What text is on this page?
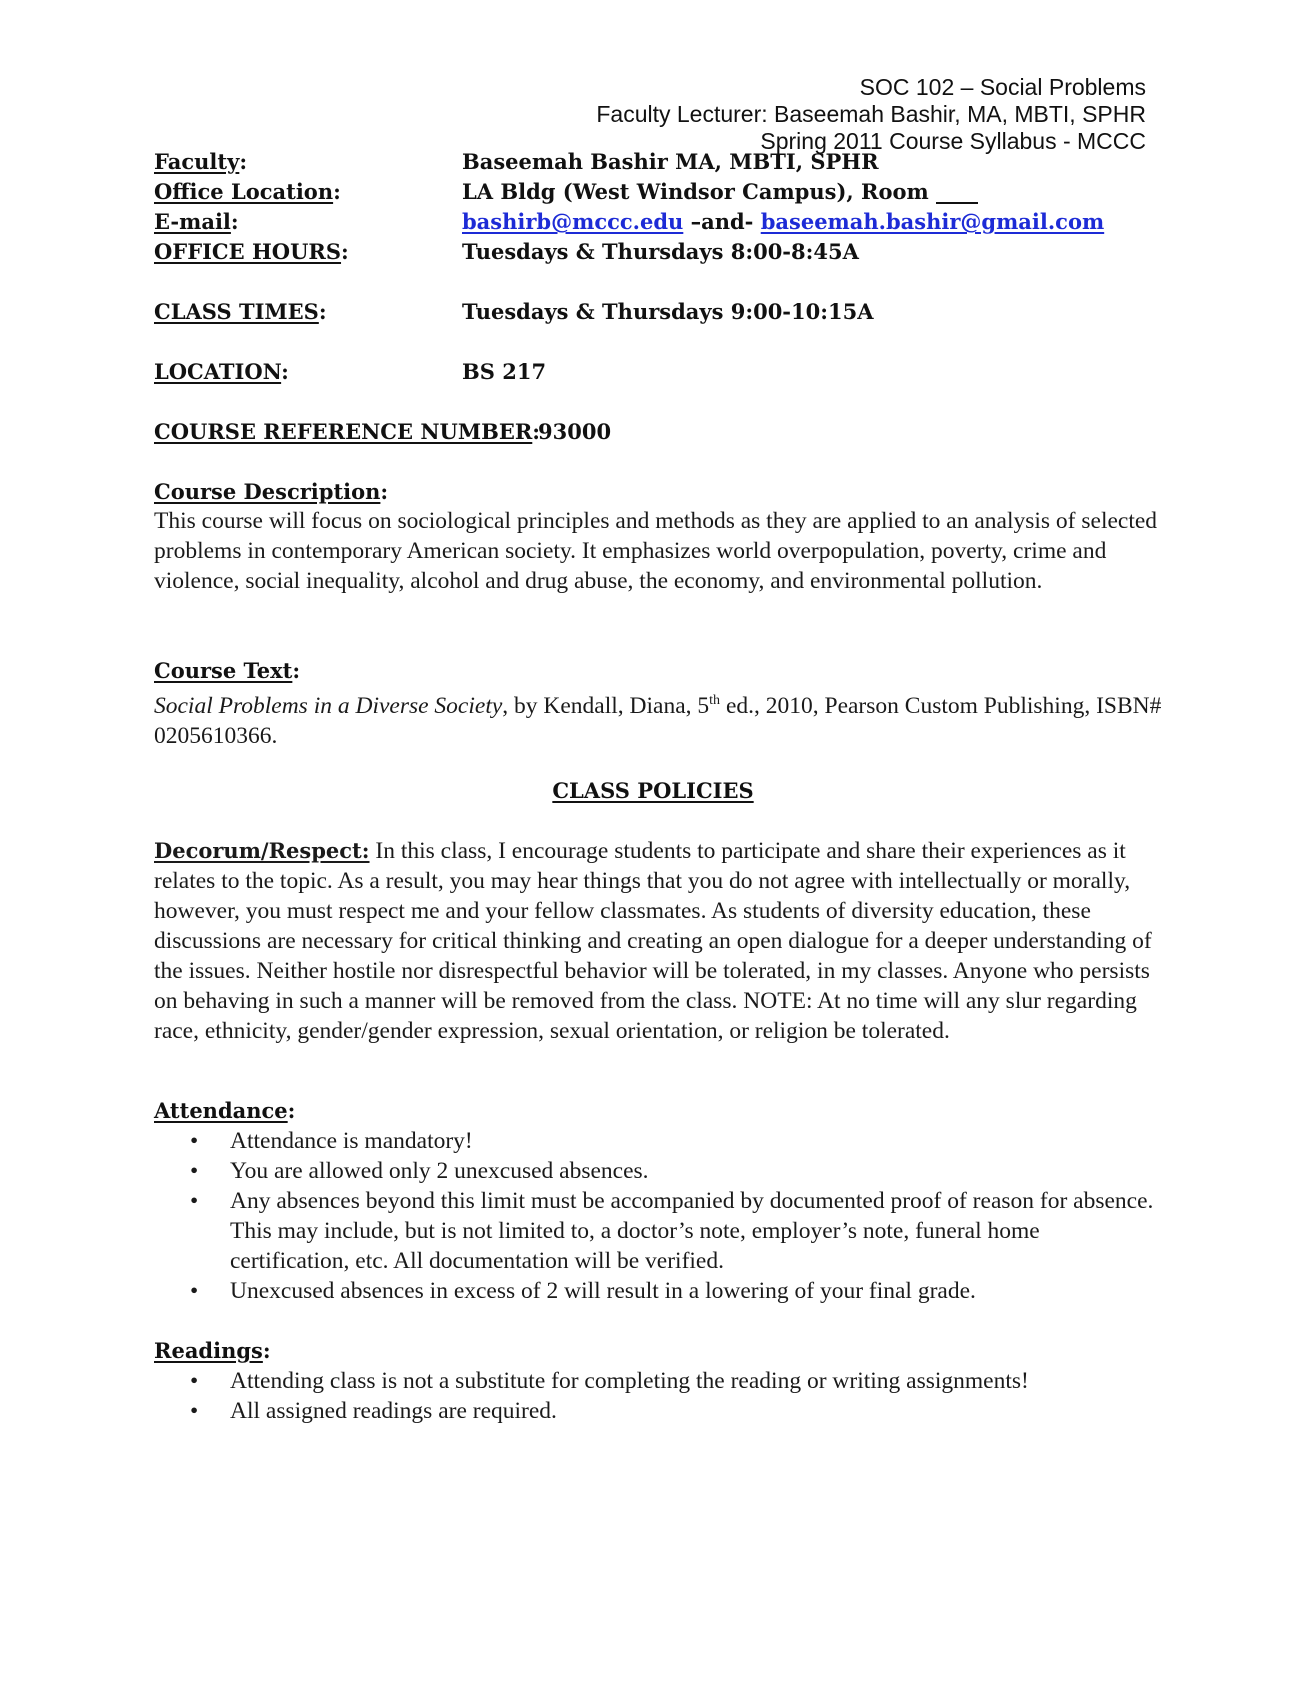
SOC 102 – Social Problems
Faculty Lecturer: Baseemah Bashir, MA, MBTI, SPHR
Spring 2011 Course Syllabus - MCCC
Faculty:	Baseemah Bashir MA, MBTI, SPHR
Office Location:	LA Bldg (West Windsor Campus), Room ____
E-mail:	bashirb@mccc.edu –and- baseemah.bashir@gmail.com
OFFICE HOURS:	Tuesdays & Thursdays 8:00-8:45A
CLASS TIMES:	Tuesdays & Thursdays 9:00-10:15A
LOCATION:	BS 217
COURSE REFERENCE NUMBER:
93000
Course Description:
This course will focus on sociological principles and methods as they are applied to an analysis of selected problems in contemporary American society. It emphasizes world overpopulation, poverty, crime and violence, social inequality, alcohol and drug abuse, the economy, and environmental pollution.
Course Text:
Social Problems in a Diverse Society, by Kendall, Diana, 5th ed., 2010, Pearson Custom Publishing, ISBN# 0205610366.
CLASS POLICIES
Decorum/Respect: In this class, I encourage students to participate and share their experiences as it relates to the topic. As a result, you may hear things that you do not agree with intellectually or morally, however, you must respect me and your fellow classmates. As students of diversity education, these discussions are necessary for critical thinking and creating an open dialogue for a deeper understanding of the issues. Neither hostile nor disrespectful behavior will be tolerated, in my classes. Anyone who persists on behaving in such a manner will be removed from the class. NOTE: At no time will any slur regarding race, ethnicity, gender/gender expression, sexual orientation, or religion be tolerated.
Attendance:
• Attendance is mandatory!
• You are allowed only 2 unexcused absences.
• Any absences beyond this limit must be accompanied by documented proof of reason for absence. This may include, but is not limited to, a doctor’s note, employer’s note, funeral home certification, etc. All documentation will be verified.
• Unexcused absences in excess of 2 will result in a lowering of your final grade.
Readings:
• Attending class is not a substitute for completing the reading or writing assignments!
• All assigned readings are required.
